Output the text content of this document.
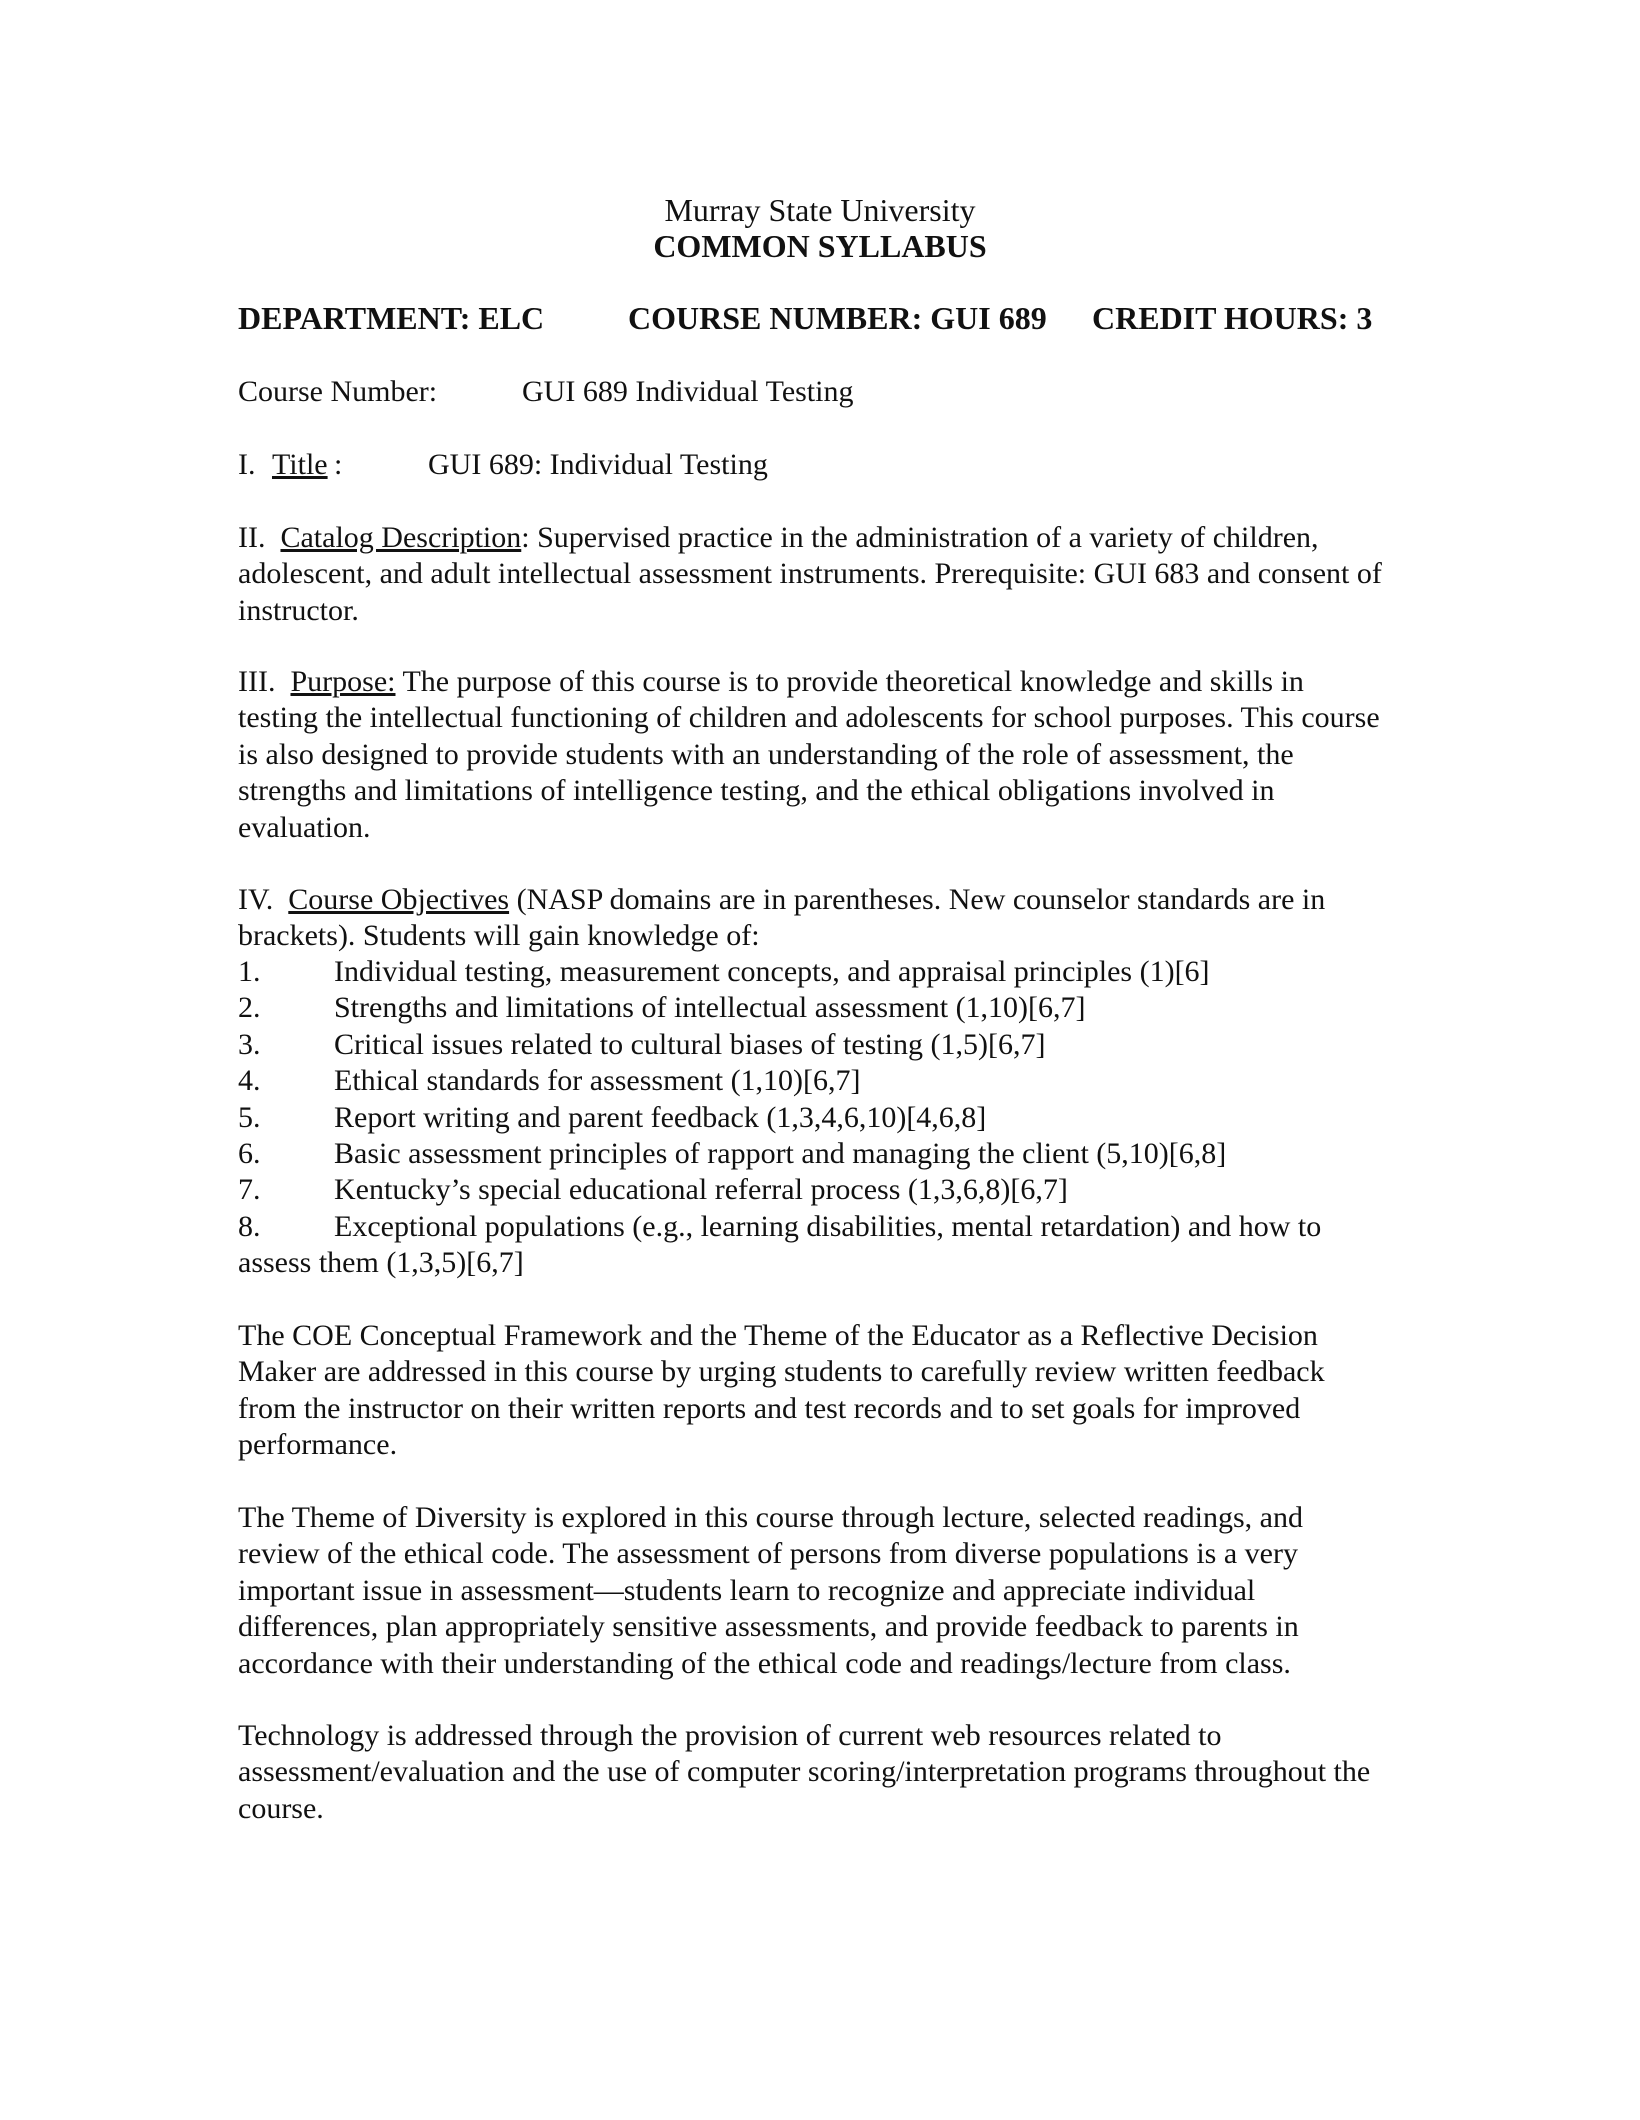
Murray State University
COMMON SYLLABUS
DEPARTMENT: ELC	COURSE NUMBER: GUI 689 CREDIT HOURS: 3
Course Number:	GUI 689 Individual Testing
I. Title :	GUI 689: Individual Testing
II. Catalog Description: Supervised practice in the administration of a variety of children,
adolescent, and adult intellectual assessment instruments. Prerequisite: GUI 683 and consent of
instructor.
III. Purpose: The purpose of this course is to provide theoretical knowledge and skills in
testing the intellectual functioning of children and adolescents for school purposes. This course
is also designed to provide students with an understanding of the role of assessment, the
strengths and limitations of intelligence testing, and the ethical obligations involved in
evaluation.
IV. Course Objectives (NASP domains are in parentheses. New counselor standards are in
brackets). Students will gain knowledge of:
1. Individual testing, measurement concepts, and appraisal principles (1)[6]
2. Strengths and limitations of intellectual assessment (1,10)[6,7]
3. Critical issues related to cultural biases of testing (1,5)[6,7]
4. Ethical standards for assessment (1,10)[6,7]
5. Report writing and parent feedback (1,3,4,6,10)[4,6,8]
6. Basic assessment principles of rapport and managing the client (5,10)[6,8]
7. Kentucky’s special educational referral process (1,3,6,8)[6,7]
8. Exceptional populations (e.g., learning disabilities, mental retardation) and how to
assess them (1,3,5)[6,7]
The COE Conceptual Framework and the Theme of the Educator as a Reflective Decision
Maker are addressed in this course by urging students to carefully review written feedback
from the instructor on their written reports and test records and to set goals for improved
performance.
The Theme of Diversity is explored in this course through lecture, selected readings, and
review of the ethical code. The assessment of persons from diverse populations is a very
important issue in assessment—students learn to recognize and appreciate individual
differences, plan appropriately sensitive assessments, and provide feedback to parents in
accordance with their understanding of the ethical code and readings/lecture from class.
Technology is addressed through the provision of current web resources related to
assessment/evaluation and the use of computer scoring/interpretation programs throughout the
course.
